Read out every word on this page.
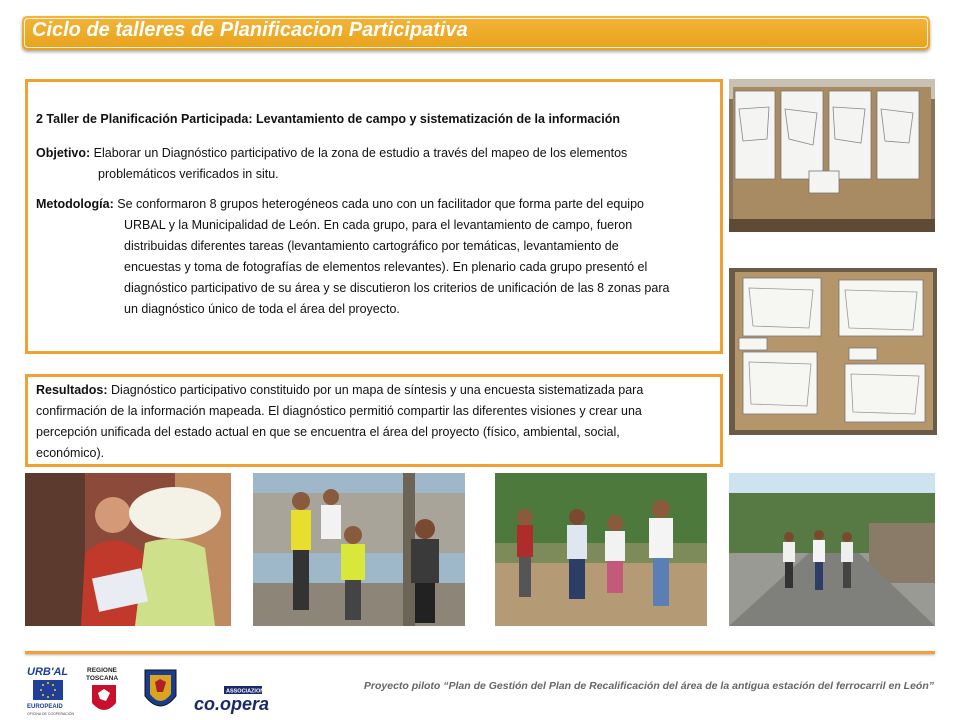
Ciclo de talleres de Planificacion Participativa
2 Taller de Planificación Participada: Levantamiento de campo y sistematización de la información
Objetivo: Elaborar un Diagnóstico participativo de la zona de estudio a través del mapeo de los elementos
problemáticos verificados in situ.
Metodología: Se conformaron 8 grupos heterogéneos cada uno con un facilitador que forma parte del equipo
URBAL y la Municipalidad de León. En cada grupo, para el levantamiento de campo, fueron
distribuidas diferentes tareas (levantamiento cartográfico por temáticas, levantamiento de
encuestas y toma de fotografías de elementos relevantes). En plenario cada grupo presentó el
diagnóstico participativo de su área y se discutieron los criterios de unificación de las 8 zonas para
un diagnóstico único de toda el área del proyecto.
Resultados: Diagnóstico participativo constituido por un mapa de síntesis y una encuesta sistematizada para
confirmación de la información mapeada. El diagnóstico permitió compartir las diferentes visiones y crear una
percepción unificada del estado actual en que se encuentra el área del proyecto (físico, ambiental, social,
económico).
URB'AL
EUROPEAID
OFICINA DE COOPERACIÓN
REGIONE
TOSCANA
ASSOCIAZIONE
co.opera
Proyecto piloto “Plan de Gestión del Plan de Recalificación del área de la antigua estación del ferrocarril en León”
